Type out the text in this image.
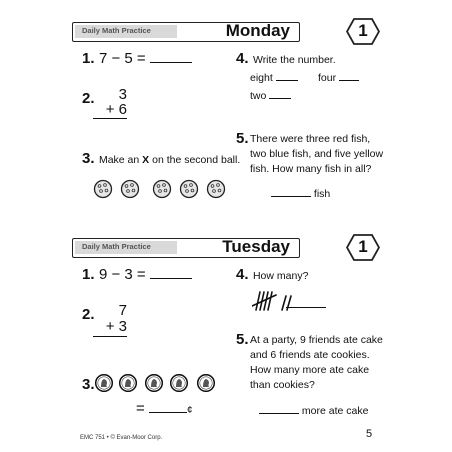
Daily Math Practice	Monday	1
1. 7 − 5 =
2.	3
+ 6
3. Make an X on the second ball.
4. Write the number.
eight	four
two
5. There were three red fish,
two blue fish, and five yellow
fish. How many fish in all?
fish
Daily Math Practice	Tuesday	1
1. 9 − 3 =
2.	7
+ 3
3.
=	¢
4. How many?
5. At a party, 9 friends ate cake
and 6 friends ate cookies.
How many more ate cake
than cookies?
more ate cake
EMC 751 • © Evan-Moor Corp.	5
